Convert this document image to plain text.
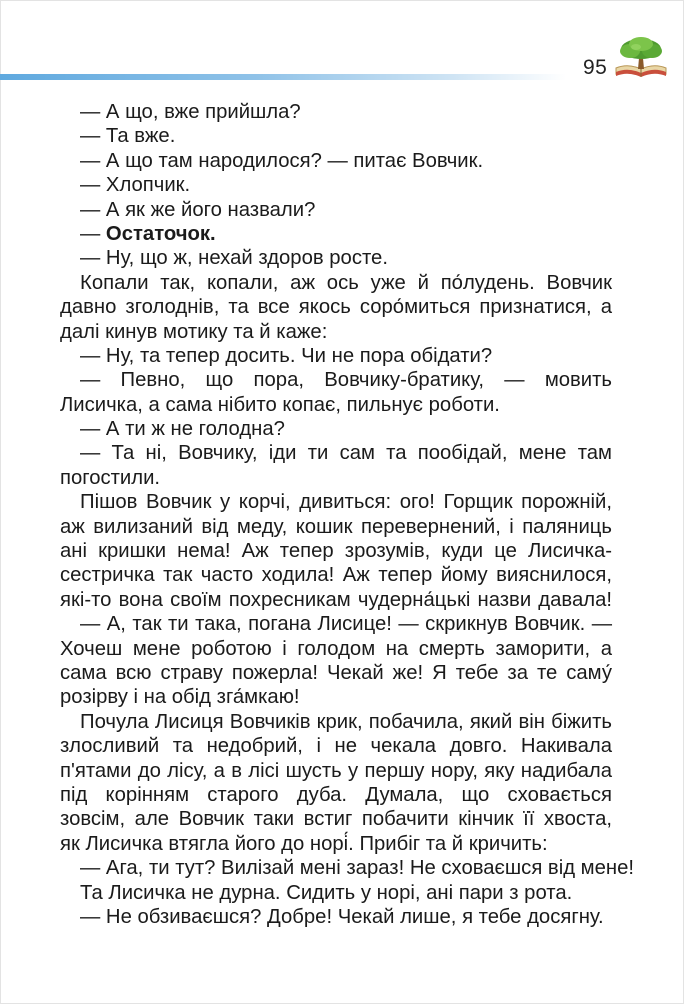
95
— А що, вже прийшла?
— Та вже.
— А що там народилося? — питає Вовчик.
— Хлопчик.
— А як же його назвали?
— Остаточок.
— Ну, що ж, нехай здоров росте.
Копали так, копали, аж ось уже й по́лудень. Вовчик
давно зголоднів, та все якось соро́миться признатися, а
далі кинув мотику та й каже:
— Ну, та тепер досить. Чи не пора обідати?
— Певно, що пора, Вовчику-братику, — мовить
Лисичка, а сама нібито копає, пильнує роботи.
— А ти ж не голодна?
— Та ні, Вовчику, іди ти сам та пообідай, мене там
погостили.
Пішов Вовчик у корчі, дивиться: ого! Горщик порожній,
аж вилизаний від меду, кошик перевернений, і паляниць
ані кришки нема! Аж тепер зрозумів, куди це Лисичка-
сестричка так часто ходила! Аж тепер йому вияснилося,
які-то вона своїм похресникам чудерна́цькі назви давала!
— А, так ти така, погана Лисице! — скрикнув Вовчик. —
Хочеш мене роботою і голодом на смерть заморити, а
сама всю страву пожерла! Чекай же! Я тебе за те саму́
розірву і на обід зга́мкаю!
Почула Лисиця Вовчиків крик, побачила, який він біжить
злосливий та недобрий, і не чекала довго. Накивала
п'ятами до лісу, а в лісі шусть у першу нору, яку надибала
під корінням старого дуба. Думала, що сховається
зовсім, але Вовчик таки встиг побачити кінчик її хвоста,
як Лисичка втягла його до норі́. Прибіг та й кричить:
— Ага, ти тут? Вилізай мені зараз! Не сховаєшся від мене!
Та Лисичка не дурна. Сидить у норі, ані пари з рота.
— Не обзиваєшся? Добре! Чекай лише, я тебе досягну.
